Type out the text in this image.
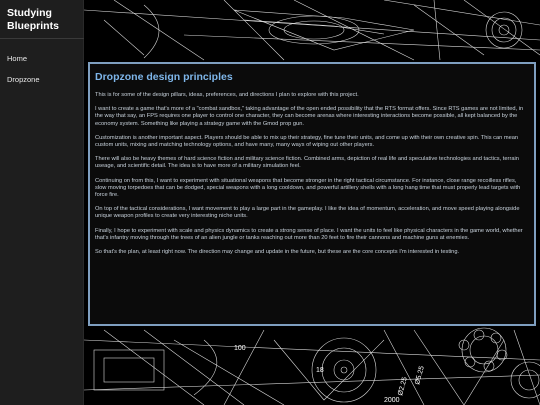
Studying Blueprints
Home
Dropzone
18
100
Ø5.25
Ø2.25
2000
Dropzone design principles

This is for some of the design pillars, ideas, preferences, and directions I plan to explore with this project.

I want to create a game that's more of a "combat sandbox," taking advantage of the open ended possibility that the RTS format offers. Since RTS games are not limited, in the way that say, an FPS requires one player to control one character, they can become arenas where interesting interactions become possible, all kept balanced by the economy system. Something like playing a strategy game with the Gmod prop gun.

Customization is another important aspect. Players should be able to mix up their strategy, fine tune their units, and come up with their own creative spin. This can mean custom units, mixing and matching technology options, and have many, many ways of wiping out other players.

There will also be heavy themes of hard science fiction and military science fiction. Combined arms, depiction of real life and speculative technologies and tactics, terrain useage, and scientific detail. The idea is to have more of a military simulation feel.

Continuing on from this, I want to experiment with situational weapons that become stronger in the right tactical circumstance. For instance, close range recoilless rifles, slow moving torpedoes that can be dodged, special weapons with a long cooldown, and powerful artillery shells with a long hang time that must properly lead targets with force fire.

On top of the tactical considerations, I want movement to play a large part in the gameplay. I like the idea of momentum, acceleration, and move speed playing alongside unique weapon profiles to create very interesting niche units.

Finally, I hope to experiment with scale and physics dynamics to create a strong sense of place. I want the units to feel like physical characters in the game world, whether that's infantry moving through the trees of an alien jungle or tanks reaching out more than 20 feet to fire their cannons and machine guns at enemies.

So that's the plan, at least right now. The direction may change and update in the future, but these are the core concepts I'm interested in testing.
